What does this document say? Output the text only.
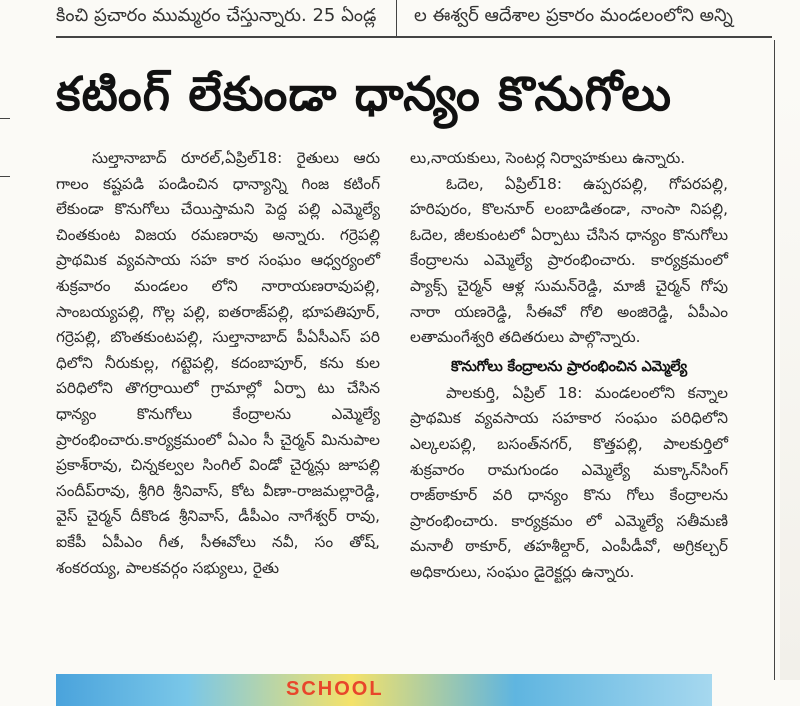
కించి ప్రచారం ముమ్మరం చేస్తున్నారు. 25 ఏండ్ల	ల ఈశ్వర్ ఆదేశాల ప్రకారం మండలంలోని అన్ని
కటింగ్ లేకుండా ధాన్యం కొనుగోలు

సుల్తానాబాద్ రూరల్,ఏప్రిల్18: రైతులు ఆరు గాలం కష్టపడి పండించిన ధాన్యాన్ని గింజ కటింగ్ లేకుండా కొనుగోలు చేయిస్తామని పెద్ద పల్లి ఎమ్మెల్యే చింతకుంట విజయ రమణరావు అన్నారు. గర్రెపల్లి ప్రాథమిక వ్యవసాయ సహ కార సంఘం ఆధ్వర్యంలో శుక్రవారం మండలం లోని నారాయణరావుపల్లి, సాంబయ్యపల్లి, గొల్ల పల్లి, ఐతరాజ్‌పల్లి, భూపతిపూర్, గర్రెపల్లి, బొంతకుంటపల్లి, సుల్తానాబాద్ పీఏసీఎస్ పరి ధిలోని నీరుకుల్ల, గట్టెపల్లి, కదంబాపూర్, కను కుల పరిధిలోని తొగర్రాయిలో గ్రామాల్లో ఏర్పా టు చేసిన ధాన్యం కొనుగోలు కేంద్రాలను ఎమ్మెల్యే ప్రారంభించారు.కార్యక్రమంలో ఏఎం సీ చైర్మన్ మినుపాల ప్రకాశ్‌రావు, చిన్నకల్వల సింగిల్ విండో చైర్మన్లు జూపల్లి సందీప్‌రావు, శ్రీగిరి శ్రీనివాస్, కోట వీణా-రాజమల్లారెడ్డి, వైస్ చైర్మన్ దీకొండ శ్రీనివాస్, డీపీఎం నాగేశ్వర్ రావు, ఐకేపీ ఏపీఎం గీత, సీఈవోలు నవీ, సం తోష్, శంకరయ్య, పాలకవర్గం సభ్యులు, రైతు

లు,నాయకులు, సెంటర్ల నిర్వాహకులు ఉన్నారు.

ఓదెల, ఏప్రిల్18: ఉప్పరపల్లి, గోపరపల్లి, హరిపురం, కొలనూర్ లంబాడితండా, నాంసా నిపల్లి, ఓదెల, జీలకుంటలో ఏర్పాటు చేసిన ధాన్యం కొనుగోలు కేంద్రాలను ఎమ్మెల్యే ప్రారంభించారు. కార్యక్రమంలో ప్యాక్స్ చైర్మన్ ఆళ్ల సుమన్‌రెడ్డి, మాజీ చైర్మన్ గోపు నారా యణరెడ్డి, సీఈవో గోలి అంజిరెడ్డి, ఏపీఎం లతామంగేశ్వరి తదితరులు పాల్గొన్నారు.

కొనుగోలు కేంద్రాలను ప్రారంభించిన ఎమ్మెల్యే

పాలకుర్తి, ఏప్రిల్ 18: మండలంలోని కన్నాల ప్రాథమిక వ్యవసాయ సహకార సంఘం పరిధిలోని ఎల్కలపల్లి, బసంత్‌నగర్, కొత్తపల్లి, పాలకుర్తిలో శుక్రవారం రామగుండం ఎమ్మెల్యే మక్కాన్‌సింగ్ రాజ్‌ఠాకూర్ వరి ధాన్యం కొను గోలు కేంద్రాలను ప్రారంభించారు. కార్యక్రమం లో ఎమ్మెల్యే సతీమణి మనాలీ ఠాకూర్, తహశీల్దార్, ఎంపీడీవో, అగ్రికల్చర్ అధికారులు, సంఘం డైరెక్టర్లు ఉన్నారు.

SCHOOL
